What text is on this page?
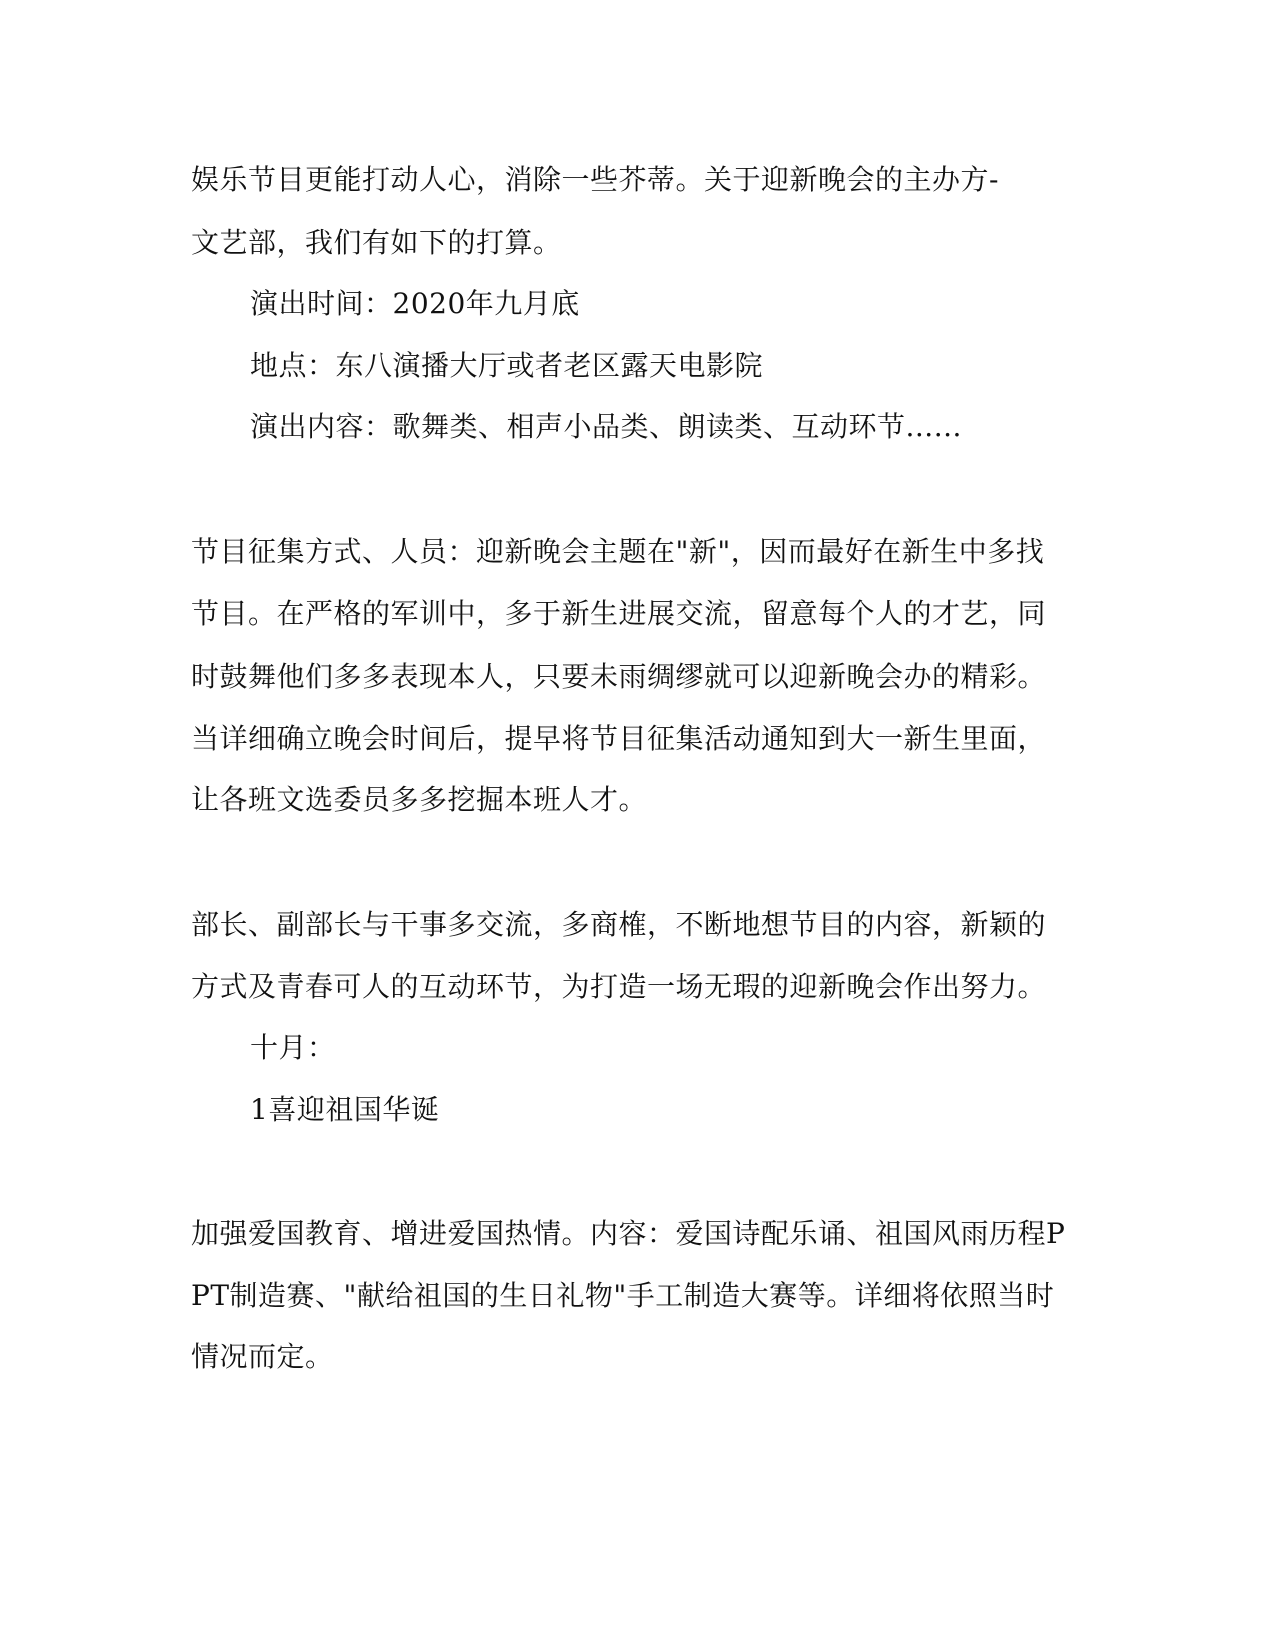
娱乐节目更能打动人心，消除一些芥蒂。关于迎新晚会的主办方-
文艺部，我们有如下的打算。
演出时间：2020年九月底
地点：东八演播大厅或者老区露天电影院
演出内容：歌舞类、相声小品类、朗读类、互动环节......
节目征集方式、人员：迎新晚会主题在"新"，因而最好在新生中多找
节目。在严格的军训中，多于新生进展交流，留意每个人的才艺，同
时鼓舞他们多多表现本人，只要未雨绸缪就可以迎新晚会办的精彩。
当详细确立晚会时间后，提早将节目征集活动通知到大一新生里面，
让各班文选委员多多挖掘本班人才。
部长、副部长与干事多交流，多商榷，不断地想节目的内容，新颖的
方式及青春可人的互动环节，为打造一场无瑕的迎新晚会作出努力。
十月：
1喜迎祖国华诞
加强爱国教育、增进爱国热情。内容：爱国诗配乐诵、祖国风雨历程P
PT制造赛、"献给祖国的生日礼物"手工制造大赛等。详细将依照当时
情况而定。
